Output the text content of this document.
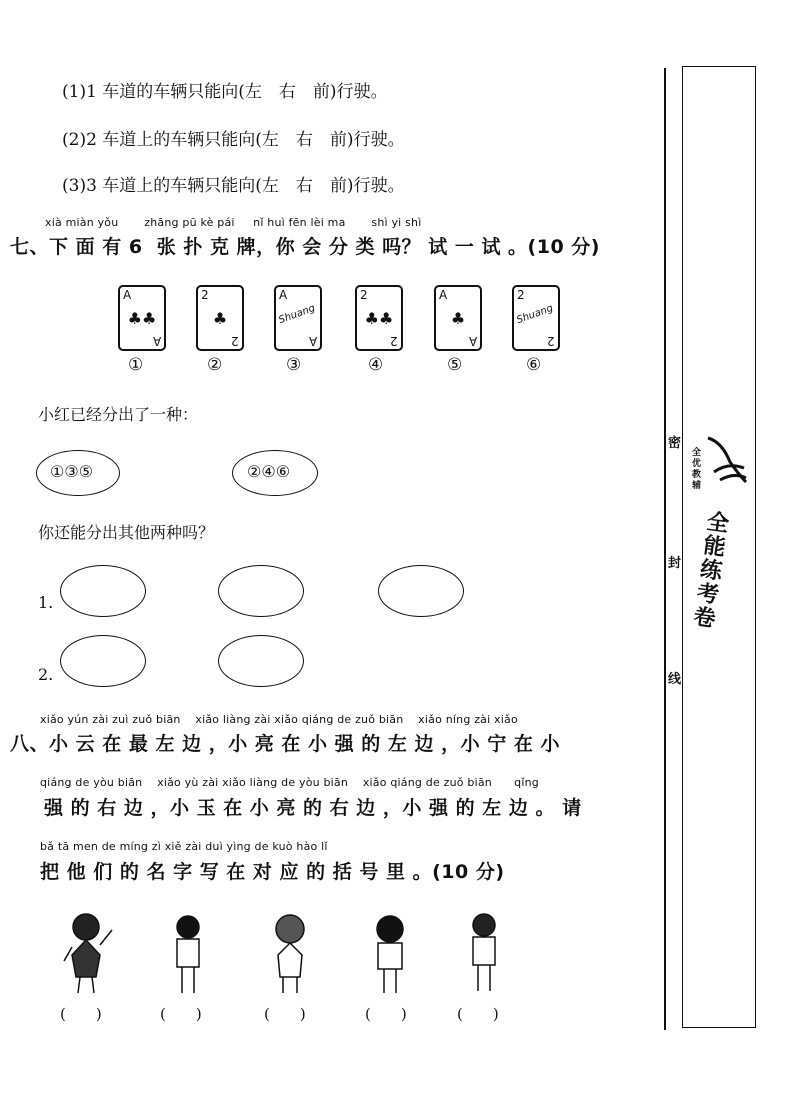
(1)1 车道的车辆只能向(左　右　前)行驶。
(2)2 车道上的车辆只能向(左　右　前)行驶。
(3)3 车道上的车辆只能向(左　右　前)行驶。
xià miàn yǒu       zhāng pū kè pái     nǐ huì fēn lèi ma       shì yi shì
七、下 面 有 6  张 扑 克 牌，你 会 分 类 吗？ 试 一 试 。(10 分)
A
♣♣
A
2
♣
2
A
Shuang
A
2
♣♣
2
A
♣
A
2
Shuang
2
①	②	③	④	⑤	⑥
小红已经分出了一种：
①③⑤	②④⑥
你还能分出其他两种吗？
1.
2.
xiǎo yún zài zuì zuǒ biān    xiǎo liàng zài xiǎo qiáng de zuǒ biān    xiǎo níng zài xiǎo
八、小 云 在 最 左 边 ，小 亮 在 小 强 的 左 边 ，小 宁 在 小
qiáng de yòu biān    xiǎo yù zài xiǎo liàng de yòu biān    xiǎo qiáng de zuǒ biān      qǐng
强 的 右 边 ，小 玉 在 小 亮 的 右 边 ，小 强 的 左 边 。 请
bǎ tā men de míng zì xiě zài duì yìng de kuò hào lǐ
把 他 们 的 名 字 写 在 对 应 的 括 号 里 。(10 分)
(　　)	(　　)	(　　)	(　　)	(　　)
密
封
线
全优教辅
全能练考卷
